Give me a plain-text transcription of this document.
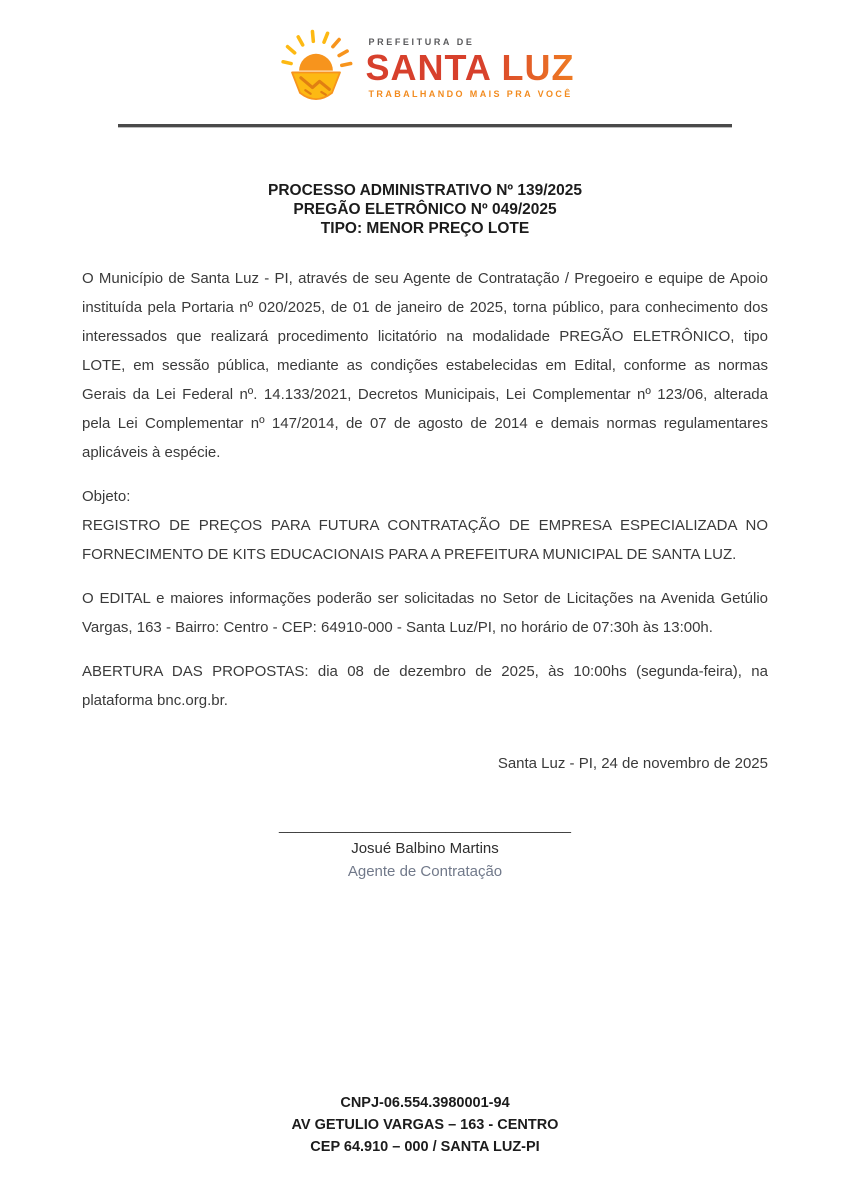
PREFEITURA DE
SANTA LUZ
TRABALHANDO MAIS PRA VOCÊ
PROCESSO ADMINISTRATIVO Nº 139/2025
PREGÃO ELETRÔNICO Nº 049/2025
TIPO: MENOR PREÇO LOTE

O Município de Santa Luz - PI, através de seu Agente de Contratação / Pregoeiro e equipe de Apoio instituída pela Portaria nº 020/2025, de 01 de janeiro de 2025, torna público, para conhecimento dos interessados que realizará procedimento licitatório na modalidade PREGÃO ELETRÔNICO, tipo LOTE, em sessão pública, mediante as condições estabelecidas em Edital, conforme as normas Gerais da Lei Federal nº. 14.133/2021, Decretos Municipais, Lei Complementar nº 123/06, alterada pela Lei Complementar nº 147/2014, de 07 de agosto de 2014 e demais normas regulamentares aplicáveis à espécie.

Objeto:

REGISTRO DE PREÇOS PARA FUTURA CONTRATAÇÃO DE EMPRESA ESPECIALIZADA NO FORNECIMENTO DE KITS EDUCACIONAIS PARA A PREFEITURA MUNICIPAL DE SANTA LUZ.

O EDITAL e maiores informações poderão ser solicitadas no Setor de Licitações na Avenida Getúlio Vargas, 163 - Bairro: Centro - CEP: 64910-000 - Santa Luz/PI, no horário de 07:30h às 13:00h.

ABERTURA DAS PROPOSTAS: dia 08 de dezembro de 2025, às 10:00hs (segunda-feira), na plataforma bnc.org.br.

Santa Luz - PI, 24 de novembro de 2025

___________________________________
Josué Balbino Martins
Agente de Contratação
CNPJ-06.554.3980001-94
AV GETULIO VARGAS – 163 - CENTRO
CEP 64.910 – 000 / SANTA LUZ-PI
